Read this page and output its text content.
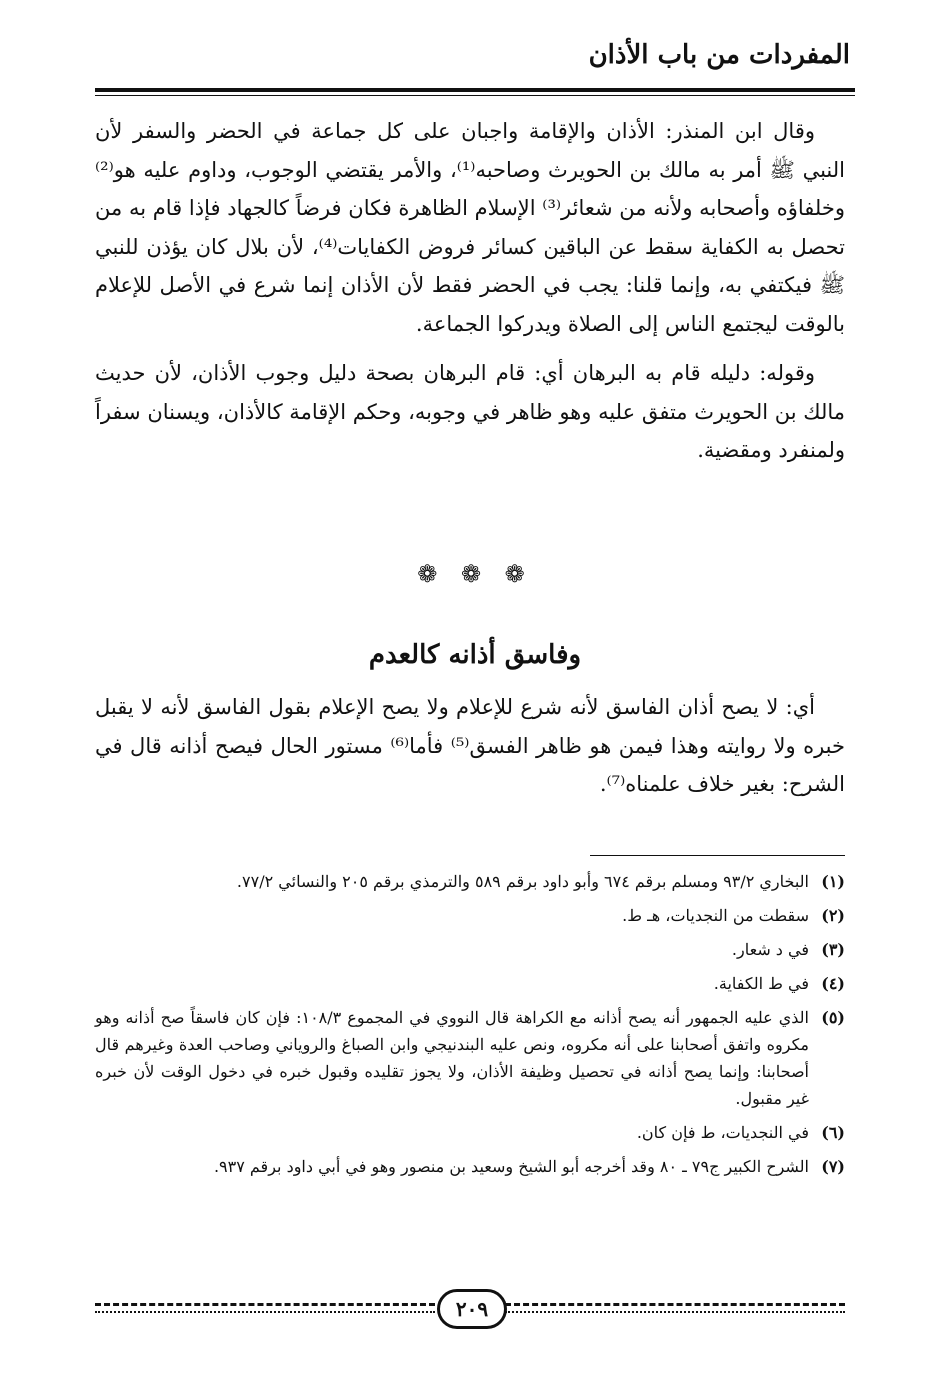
المفردات من باب الأذان

وقال ابن المنذر: الأذان والإقامة واجبان على كل جماعة في الحضر والسفر لأن النبي ﷺ أمر به مالك بن الحويرث وصاحبه⁽¹⁾، والأمر يقتضي الوجوب، وداوم عليه هو⁽²⁾ وخلفاؤه وأصحابه ولأنه من شعائر⁽³⁾ الإسلام الظاهرة فكان فرضاً كالجهاد فإذا قام به من تحصل به الكفاية سقط عن الباقين كسائر فروض الكفايات⁽⁴⁾، لأن بلال كان يؤذن للنبي ﷺ فيكتفي به، وإنما قلنا: يجب في الحضر فقط لأن الأذان إنما شرع في الأصل للإعلام بالوقت ليجتمع الناس إلى الصلاة ويدركوا الجماعة.

وقوله: دليله قام به البرهان أي: قام البرهان بصحة دليل وجوب الأذان، لأن حديث مالك بن الحويرث متفق عليه وهو ظاهر في وجوبه، وحكم الإقامة كالأذان، ويسنان سفراً ولمنفرد ومقضية.

❁ ❁ ❁
وفاسق أذانه كالعدم

أي: لا يصح أذان الفاسق لأنه شرع للإعلام ولا يصح الإعلام بقول الفاسق لأنه لا يقبل خبره ولا روايته وهذا فيمن هو ظاهر الفسق⁽⁵⁾ فأما⁽⁶⁾ مستور الحال فيصح أذانه قال في الشرح: بغير خلاف علمناه⁽⁷⁾.

(١)
البخاري ٩٣/٢ ومسلم برقم ٦٧٤ وأبو داود برقم ٥٨٩ والترمذي برقم ٢٠٥ والنسائي ٧٧/٢.
(٢)
سقطت من النجديات، هـ ط.
(٣)
في د شعار.
(٤)
في ط الكفاية.
(٥)
الذي عليه الجمهور أنه يصح أذانه مع الكراهة قال النووي في المجموع ١٠٨/٣: فإن كان فاسقاً صح أذانه وهو مكروه واتفق أصحابنا على أنه مكروه، ونص عليه البندنيجي وابن الصباغ والروياني وصاحب العدة وغيرهم قال أصحابنا: وإنما يصح أذانه في تحصيل وظيفة الأذان، ولا يجوز تقليده وقبول خبره في دخول الوقت لأن خبره غير مقبول.
(٦)
في النجديات، ط فإن كان.
(٧)
الشرح الكبير ج٧٩ ـ ٨٠ وقد أخرجه أبو الشيخ وسعيد بن منصور وهو في أبي داود برقم ٩٣٧.
٢٠٩
